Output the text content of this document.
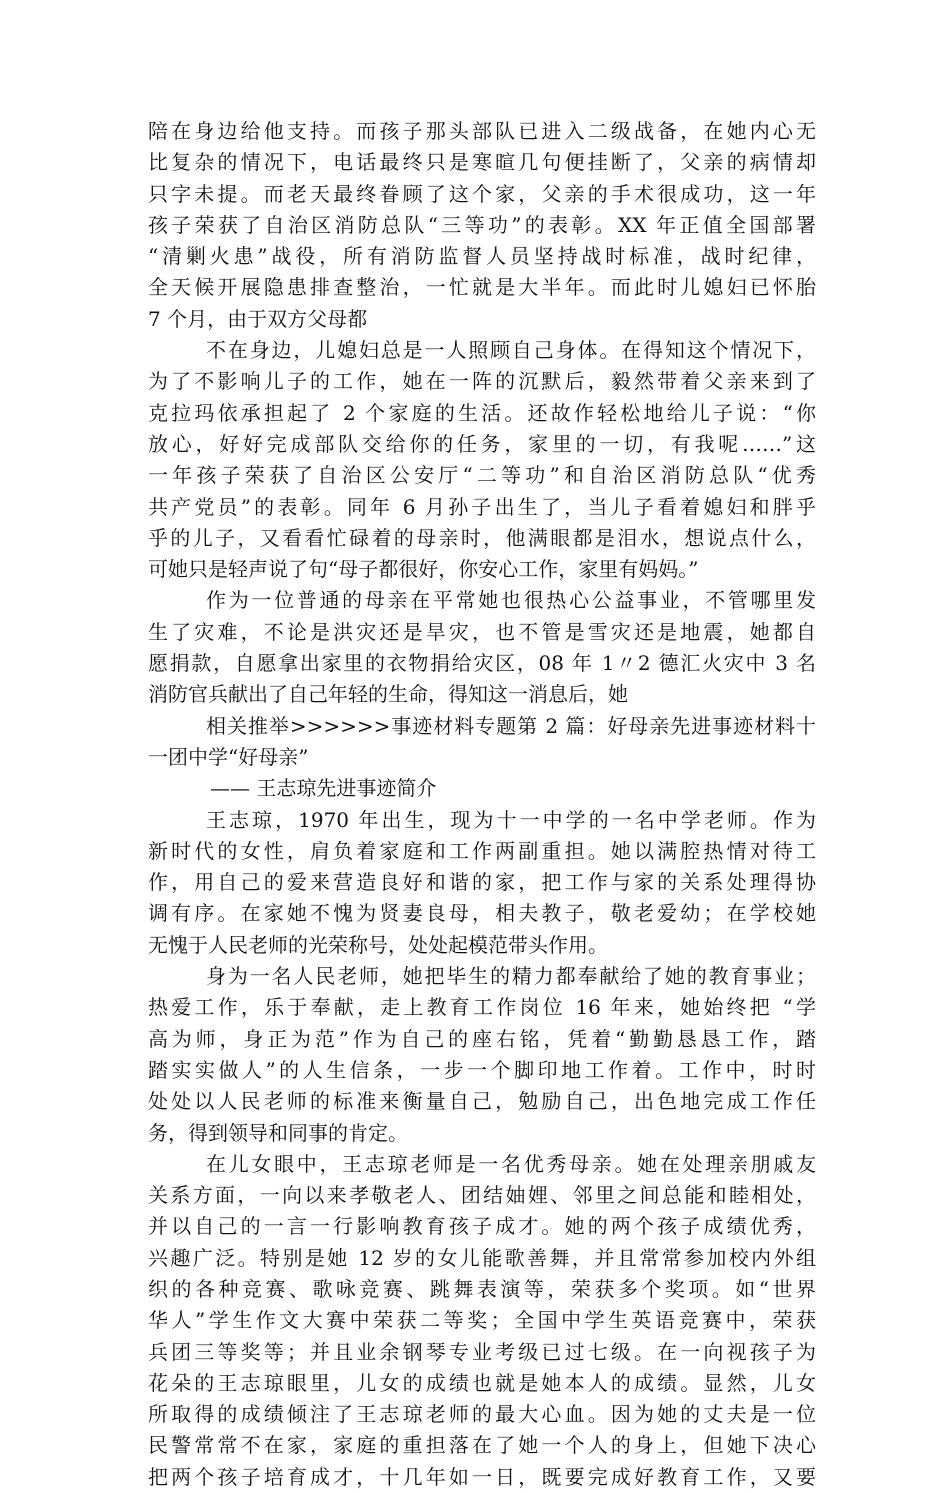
陪在身边给他支持。而孩子那头部队已进入二级战备，在她内心无
比复杂的情况下，电话最终只是寒暄几句便挂断了，父亲的病情却
只字未提。而老天最终眷顾了这个家，父亲的手术很成功，这一年
孩子荣获了自治区消防总队“三等功”的表彰。XX 年正值全国部署
“清剿火患”战役，所有消防监督人员坚持战时标准，战时纪律，
全天候开展隐患排查整治，一忙就是大半年。而此时儿媳妇已怀胎
7 个月，由于双方父母都
不在身边，儿媳妇总是一人照顾自己身体。在得知这个情况下，
为了不影响儿子的工作，她在一阵的沉默后，毅然带着父亲来到了
克拉玛依承担起了 2 个家庭的生活。还故作轻松地给儿子说：“你
放心，好好完成部队交给你的任务，家里的一切，有我呢……”这
一年孩子荣获了自治区公安厅“二等功”和自治区消防总队“优秀
共产党员”的表彰。同年 6 月孙子出生了，当儿子看着媳妇和胖乎
乎的儿子，又看看忙碌着的母亲时，他满眼都是泪水，想说点什么，
可她只是轻声说了句“母子都很好，你安心工作，家里有妈妈。”
作为一位普通的母亲在平常她也很热心公益事业，不管哪里发
生了灾难，不论是洪灾还是旱灾，也不管是雪灾还是地震，她都自
愿捐款，自愿拿出家里的衣物捐给灾区，08 年 1〃2 德汇火灾中 3 名
消防官兵献出了自己年轻的生命，得知这一消息后，她
相关推举>>>>>>事迹材料专题第 2 篇：好母亲先进事迹材料十
一团中学“好母亲”
—— 王志琼先进事迹简介
王志琼，1970 年出生，现为十一中学的一名中学老师。作为
新时代的女性，肩负着家庭和工作两副重担。她以满腔热情对待工
作，用自己的爱来营造良好和谐的家，把工作与家的关系处理得协
调有序。在家她不愧为贤妻良母，相夫教子，敬老爱幼；在学校她
无愧于人民老师的光荣称号，处处起模范带头作用。
身为一名人民老师，她把毕生的精力都奉献给了她的教育事业；
热爱工作，乐于奉献，走上教育工作岗位 16 年来，她始终把 “学
高为师，身正为范”作为自己的座右铭，凭着“勤勤恳恳工作，踏
踏实实做人”的人生信条，一步一个脚印地工作着。工作中，时时
处处以人民老师的标准来衡量自己，勉励自己，出色地完成工作任
务，得到领导和同事的肯定。
在儿女眼中，王志琼老师是一名优秀母亲。她在处理亲朋戚友
关系方面，一向以来孝敬老人、团结妯娌、邻里之间总能和睦相处，
并以自己的一言一行影响教育孩子成才。她的两个孩子成绩优秀，
兴趣广泛。特别是她 12 岁的女儿能歌善舞，并且常常参加校内外组
织的各种竞赛、歌咏竞赛、跳舞表演等，荣获多个奖项。如“世界
华人”学生作文大赛中荣获二等奖；全国中学生英语竞赛中，荣获
兵团三等奖等；并且业余钢琴专业考级已过七级。在一向视孩子为
花朵的王志琼眼里，儿女的成绩也就是她本人的成绩。显然，儿女
所取得的成绩倾注了王志琼老师的最大心血。因为她的丈夫是一位
民警常常不在家，家庭的重担落在了她一个人的身上，但她下决心
把两个孩子培育成才，十几年如一日，既要完成好教育工作，又要
